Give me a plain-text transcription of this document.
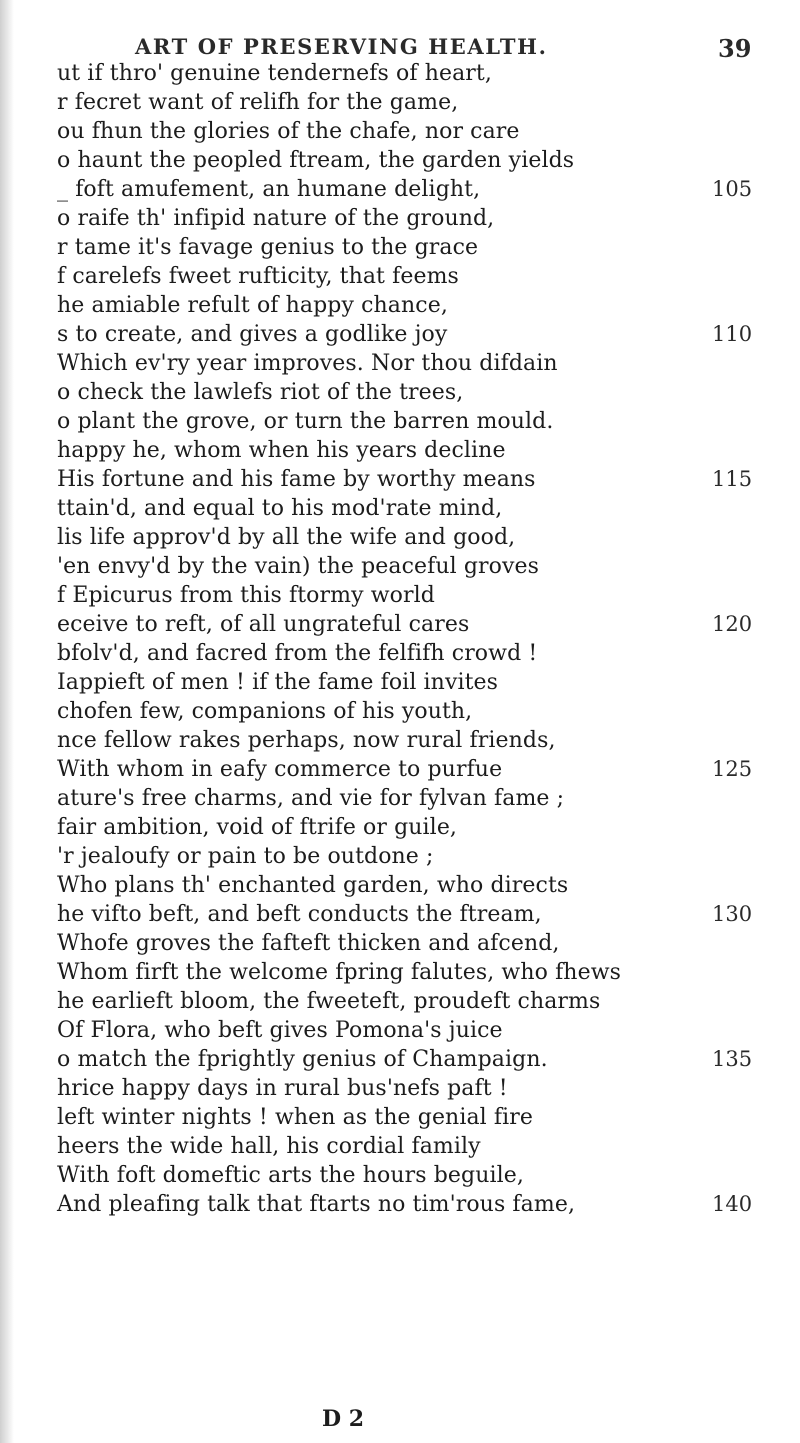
ART OF PRESERVING HEALTH.	39
ut if thro' genuine tendernefs of heart,
r fecret want of relifh for the game,
ou fhun the glories of the chafe, nor care
o haunt the peopled ftream, the garden yields
_ foft amufement, an humane delight,
o raife th' infipid nature of the ground,
r tame it's favage genius to the grace
f carelefs fweet rufticity, that feems
he amiable refult of happy chance,
s to create, and gives a godlike joy
Which ev'ry year improves. Nor thou difdain
o check the lawlefs riot of the trees,
o plant the grove, or turn the barren mould.
happy he, whom when his years decline
His fortune and his fame by worthy means
ttain'd, and equal to his mod'rate mind,
lis life approv'd by all the wife and good,
'en envy'd by the vain) the peaceful groves
f Epicurus from this ftormy world
eceive to reft, of all ungrateful cares
bfolv'd, and facred from the felfifh crowd !
Iappieft of men ! if the fame foil invites
chofen few, companions of his youth,
nce fellow rakes perhaps, now rural friends,
With whom in eafy commerce to purfue
ature's free charms, and vie for fylvan fame ;
fair ambition, void of ftrife or guile,
'r jealoufy or pain to be outdone ;
Who plans th' enchanted garden, who directs
he vifto beft, and beft conducts the ftream,
Whofe groves the fafteft thicken and afcend,
Whom firft the welcome fpring falutes, who fhews
he earlieft bloom, the fweeteft, proudeft charms
Of Flora, who beft gives Pomona's juice
o match the fprightly genius of Champaign.
hrice happy days in rural bus'nefs paft !
left winter nights ! when as the genial fire
heers the wide hall, his cordial family
With foft domeftic arts the hours beguile,
And pleafing talk that ftarts no tim'rous fame,
105
110
115
120
125
130
135
140
D 2
